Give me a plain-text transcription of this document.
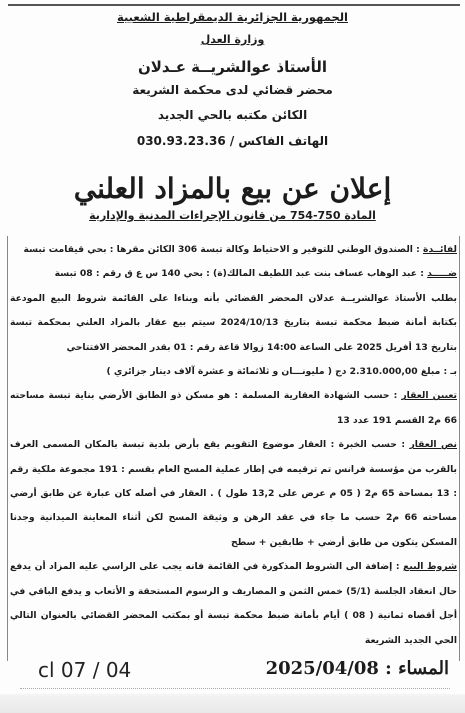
الجمهورية الجزائرية الديمقراطية الشعبية
وزارة العدل
الأستاذ عوالشريــة عـدلان
محضر قضائي لدى محكمة الشريعة
الكائن مكتبه بالحي الجديد
الهاتف الفاكس / 030.93.23.36
إعلان عن بيع بالمزاد العلني
المادة 750-754 من قانون الإجراءات المدنية والإدارية

لفائــدة : الصندوق الوطني للتوفير و الاحتياط وكالة تبسة 306 الكائن مقرها : بحي قيقامت تبسة

ضـــــد : عبد الوهاب عساف بنت عبد اللطيف المالك(ة) : بحي 140 س ع ق رقم : 08 تبسة

بطلب الأستاذ عوالشريــة عدلان المحضر القضائي بأنه وبناءا على القائمة شروط البيع المودعة بكتابة أمانة ضبط محكمة تبسة بتاريخ 2024/10/13 سيتم بيع عقار بالمزاد العلني بمحكمة تبسة بتاريخ 13 أفريل 2025 على الساعة 14:00 زوالا قاعة رقم : 01 بقدر المحضر الافتتاحي

بـ : مبلغ 2.310.000,00 دج ( مليونـــان و ثلاثمائة و عشرة آلاف دينار جزائري )

تعيين العقار : حسب الشهادة العقارية المسلمة : هو مسكن ذو الطابق الأرضي بناية تبسة مساحته 66 م2 القسم 191 عدد 13

نص العقار : حسب الخبرة : العقار موضوع التقويم يقع بأرض بلدية تبسة بالمكان المسمى العرف بالقرب من مؤسسة فرانس تم ترقيمه في إطار عملية المسح العام بقسم : 191 مجموعة ملكية رقم : 13 بمساحة 65 م2 ( 05 م عرض على 13,2 طول ) . العقار في أصله كان عبارة عن طابق أرضي مساحته 66 م2 حسب ما جاء في عقد الرهن و وثيقة المسح لكن أثناء المعاينة الميدانية وجدنا المسكن يتكون من طابق أرضي + طابقين + سطح

شروط البيع : إضافة الى الشروط المذكورة في القائمة فانه يجب على الراسي عليه المزاد أن يدفع حال انعقاد الجلسة (5/1) خمس الثمن و المصاريف و الرسوم المستحقة و الأتعاب و يدفع الباقي في أجل أقصاه ثمانية ( 08 ) أيام بأمانة ضبط محكمة تبسة أو بمكتب المحضر القضائي بالعنوان التالي الحي الجديد الشريعة

cl 07 / 04	المساء : 2025/04/08
